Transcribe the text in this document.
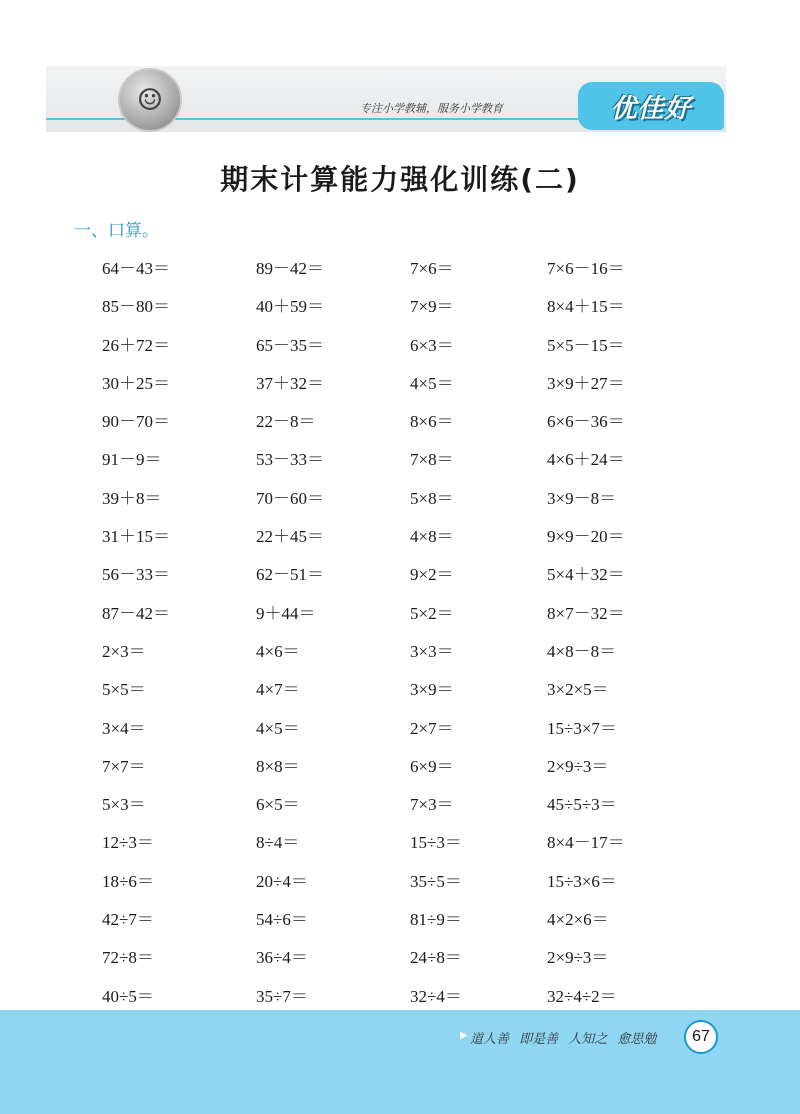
☺	专注小学教辅，服务小学教育	优佳好
期末计算能力强化训练(二)
一、口算。
64－43＝	89－42＝	7×6＝	7×6－16＝
85－80＝	40＋59＝	7×9＝	8×4＋15＝
26＋72＝	65－35＝	6×3＝	5×5－15＝
30＋25＝	37＋32＝	4×5＝	3×9＋27＝
90－70＝	22－8＝	8×6＝	6×6－36＝
91－9＝	53－33＝	7×8＝	4×6＋24＝
39＋8＝	70－60＝	5×8＝	3×9－8＝
31＋15＝	22＋45＝	4×8＝	9×9－20＝
56－33＝	62－51＝	9×2＝	5×4＋32＝
87－42＝	9＋44＝	5×2＝	8×7－32＝
2×3＝	4×6＝	3×3＝	4×8－8＝
5×5＝	4×7＝	3×9＝	3×2×5＝
3×4＝	4×5＝	2×7＝	15÷3×7＝
7×7＝	8×8＝	6×9＝	2×9÷3＝
5×3＝	6×5＝	7×3＝	45÷5÷3＝
12÷3＝	8÷4＝	15÷3＝	8×4－17＝
18÷6＝	20÷4＝	35÷5＝	15÷3×6＝
42÷7＝	54÷6＝	81÷9＝	4×2×6＝
72÷8＝	36÷4＝	24÷8＝	2×9÷3＝
40÷5＝	35÷7＝	32÷4＝	32÷4÷2＝
▶ 道人善 即是善 人知之 愈思勉	67
